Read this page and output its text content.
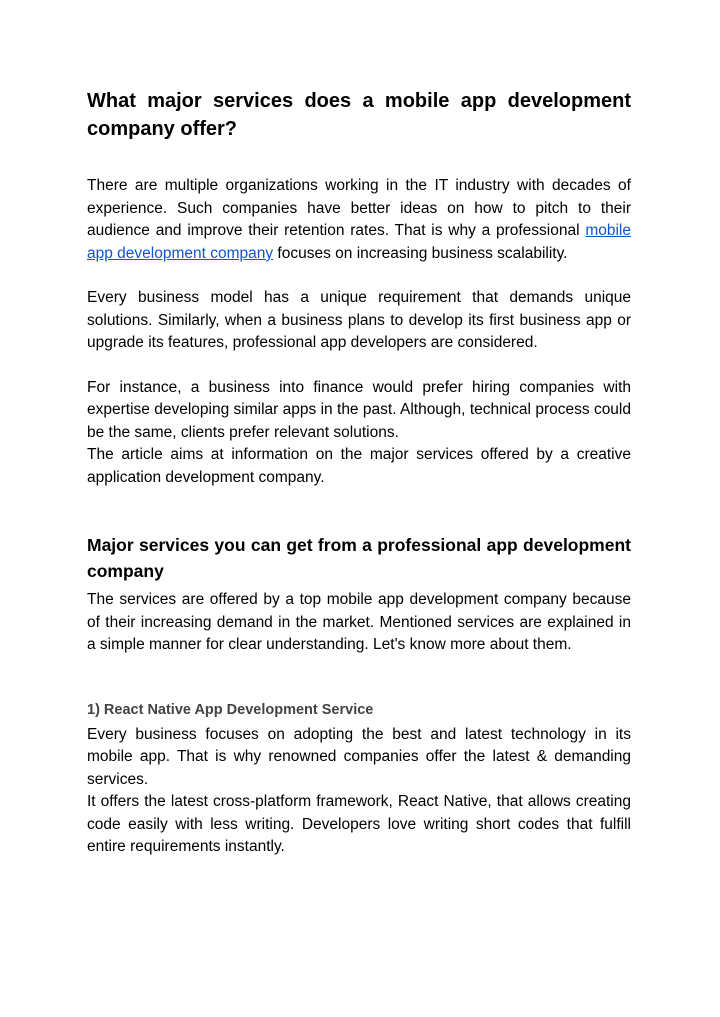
What major services does a mobile app development company offer?

There are multiple organizations working in the IT industry with decades of experience. Such companies have better ideas on how to pitch to their audience and improve their retention rates. That is why a professional mobile app development company focuses on increasing business scalability.

Every business model has a unique requirement that demands unique solutions. Similarly, when a business plans to develop its first business app or upgrade its features, professional app developers are considered.

For instance, a business into finance would prefer hiring companies with expertise developing similar apps in the past. Although, technical process could be the same, clients prefer relevant solutions.

The article aims at information on the major services offered by a creative application development company.

Major services you can get from a professional app development company

The services are offered by a top mobile app development company because of their increasing demand in the market. Mentioned services are explained in a simple manner for clear understanding. Let's know more about them.

1) React Native App Development Service

Every business focuses on adopting the best and latest technology in its mobile app. That is why renowned companies offer the latest & demanding services.

It offers the latest cross-platform framework, React Native, that allows creating code easily with less writing. Developers love writing short codes that fulfill entire requirements instantly.
